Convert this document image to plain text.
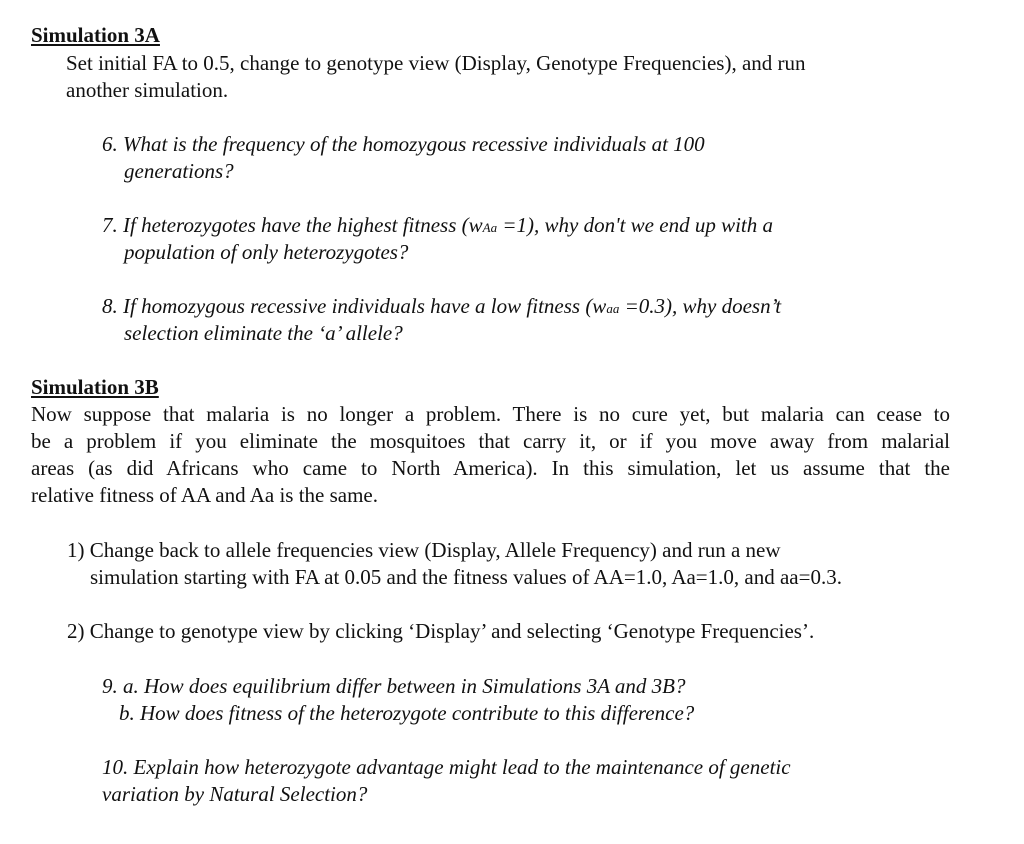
Simulation 3A
Set initial FA to 0.5, change to genotype view (Display, Genotype Frequencies), and run
another simulation.
6. What is the frequency of the homozygous recessive individuals at 100
generations?
7. If heterozygotes have the highest fitness (wAa =1), why don't we end up with a
population of only heterozygotes?
8. If homozygous recessive individuals have a low fitness (waa =0.3), why doesn’t
selection eliminate the ‘a’ allele?
Simulation 3B
Now suppose that malaria is no longer a problem. There is no cure yet, but malaria can cease to
be a problem if you eliminate the mosquitoes that carry it, or if you move away from malarial
areas (as did Africans who came to North America). In this simulation, let us assume that the
relative fitness of AA and Aa is the same.
1) Change back to allele frequencies view (Display, Allele Frequency) and run a new
simulation starting with FA at 0.05 and the fitness values of AA=1.0, Aa=1.0, and aa=0.3.
2) Change to genotype view by clicking ‘Display’ and selecting ‘Genotype Frequencies’.
9. a. How does equilibrium differ between in Simulations 3A and 3B?
b. How does fitness of the heterozygote contribute to this difference?
10. Explain how heterozygote advantage might lead to the maintenance of genetic
variation by Natural Selection?
